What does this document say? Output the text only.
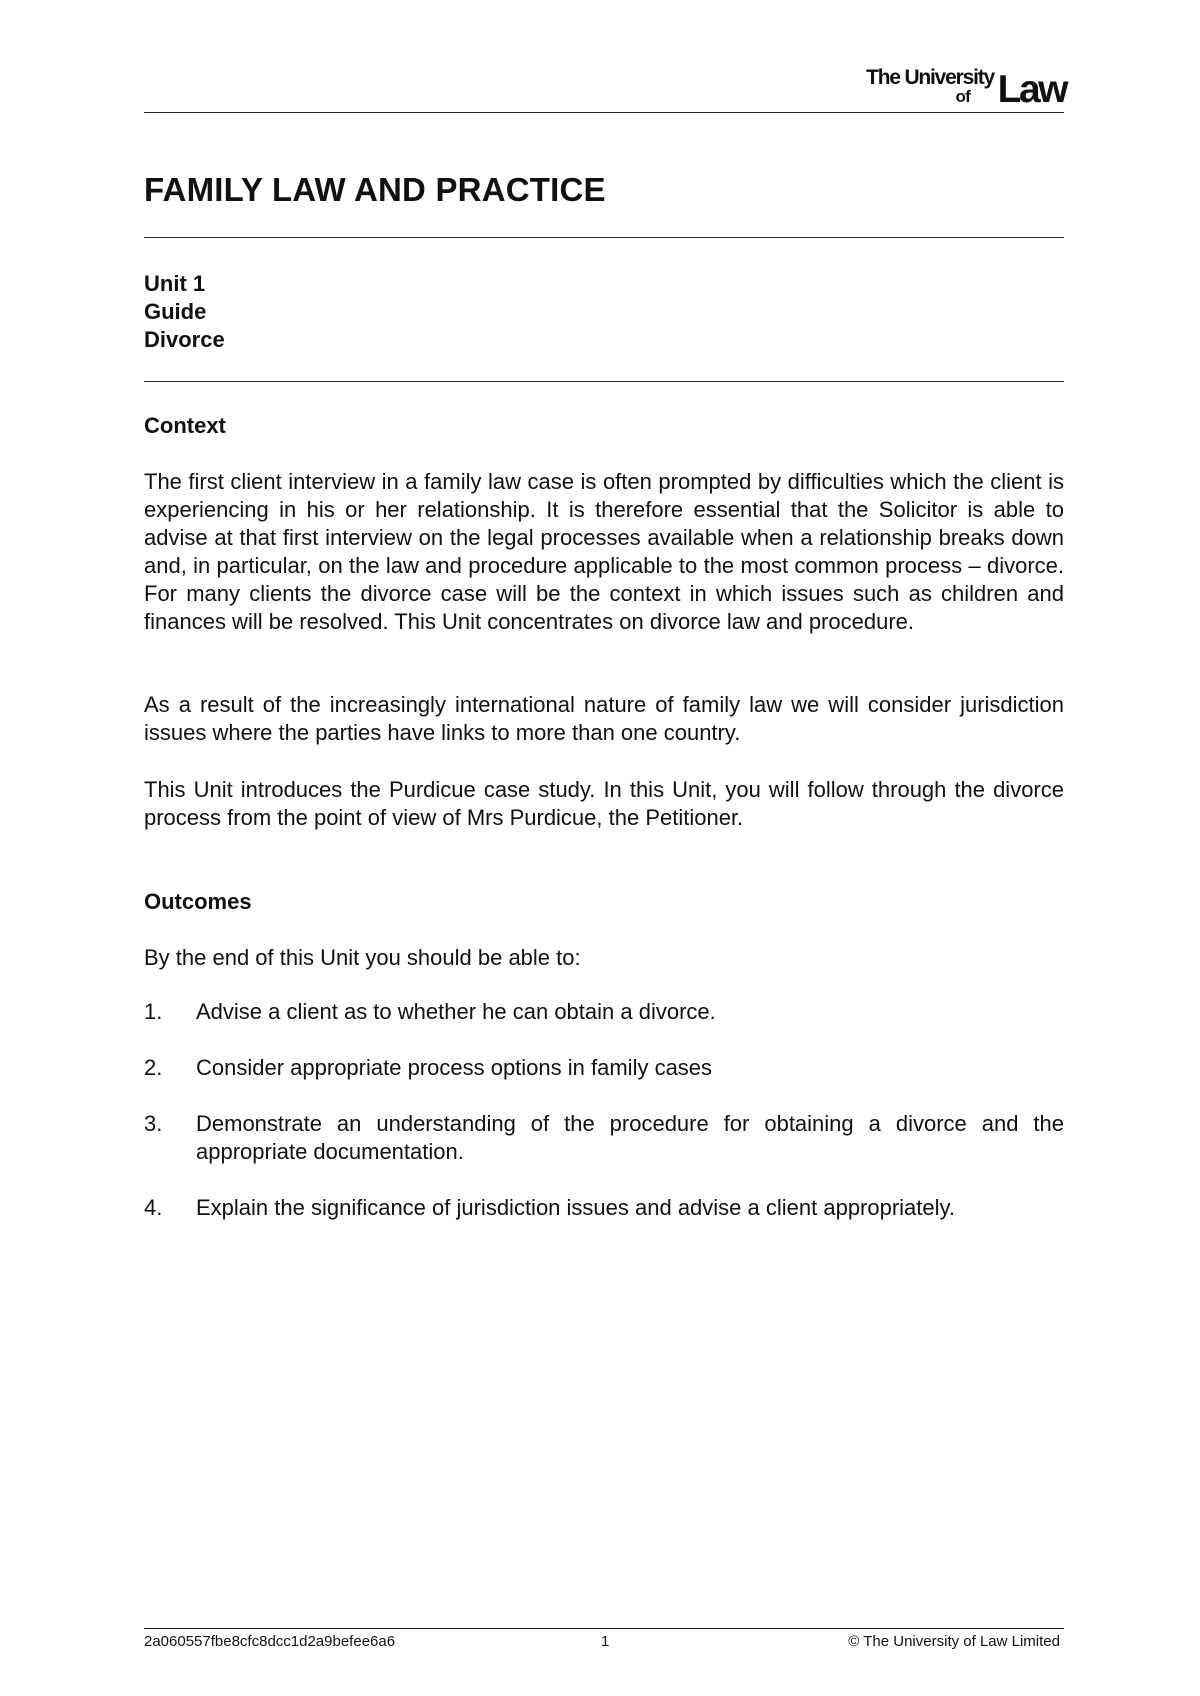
The University
of Law
FAMILY LAW AND PRACTICE
Unit 1
Guide
Divorce
Context

The first client interview in a family law case is often prompted by difficulties which the client is experiencing in his or her relationship. It is therefore essential that the Solicitor is able to advise at that first interview on the legal processes available when a relationship breaks down and, in particular, on the law and procedure applicable to the most common process – divorce. For many clients the divorce case will be the context in which issues such as children and finances will be resolved. This Unit concentrates on divorce law and procedure.

As a result of the increasingly international nature of family law we will consider jurisdiction issues where the parties have links to more than one country.

This Unit introduces the Purdicue case study. In this Unit, you will follow through the divorce process from the point of view of Mrs Purdicue, the Petitioner.

Outcomes

By the end of this Unit you should be able to:

1. Advise a client as to whether he can obtain a divorce.
2. Consider appropriate process options in family cases
3. Demonstrate an understanding of the procedure for obtaining a divorce and the appropriate documentation.
4. Explain the significance of jurisdiction issues and advise a client appropriately.
2a060557fbe8cfc8dcc1d2a9befee6a6	1	© The University of Law Limited
